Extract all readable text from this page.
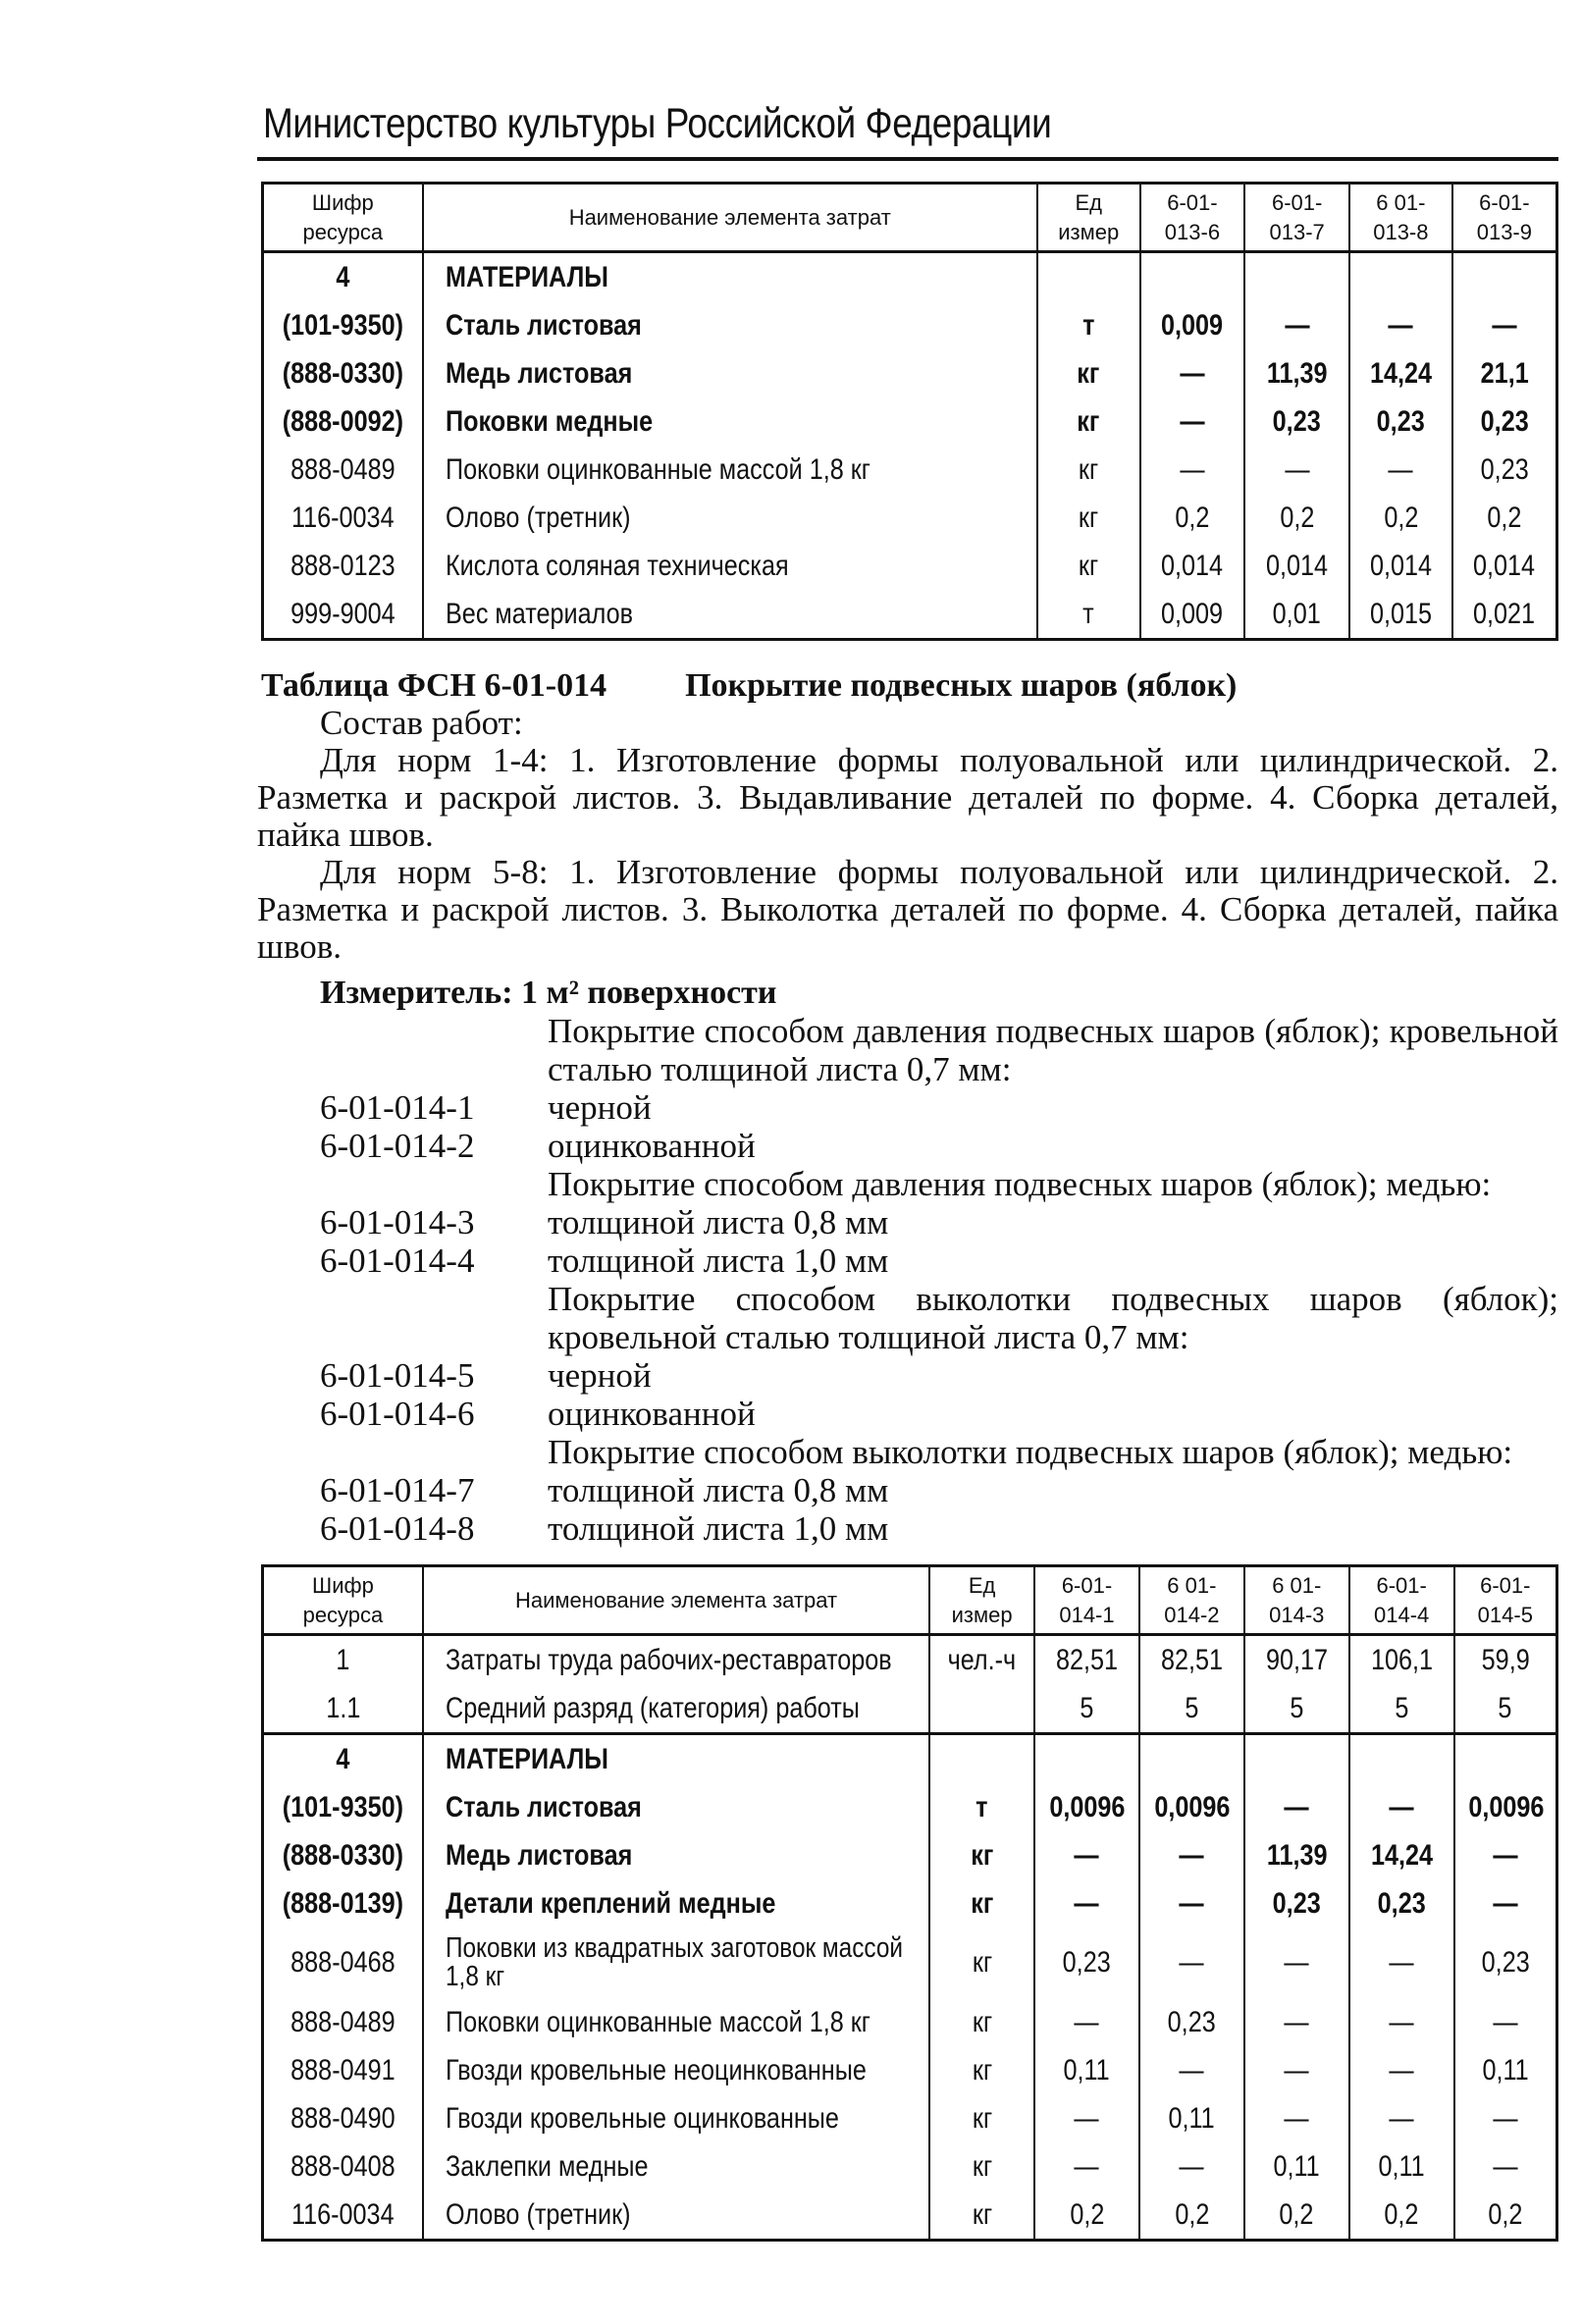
Министерство культуры Российской Федерации
Шифр ресурса	Наименование элемента затрат	Ед измер	6-01-013-6	6-01-013-7	6 01-013-8	6-01-013-9
4	МАТЕРИАЛЫ					
(101-9350)	Сталь листовая	т	0,009	—	—	—
(888-0330)	Медь листовая	кг	—	11,39	14,24	21,1
(888-0092)	Поковки медные	кг	—	0,23	0,23	0,23
888-0489	Поковки оцинкованные массой 1,8 кг	кг	—	—	—	0,23
116-0034	Олово (третник)	кг	0,2	0,2	0,2	0,2
888-0123	Кислота соляная техническая	кг	0,014	0,014	0,014	0,014
999-9004	Вес материалов	т	0,009	0,01	0,015	0,021
Таблица ФСН 6-01-014 Покрытие подвесных шаров (яблок)

Состав работ:

Для норм 1-4: 1. Изготовление формы полуовальной или цилиндрической. 2. Разметка и раскрой листов. 3. Выдавливание деталей по форме. 4. Сборка деталей, пайка швов.

Для норм 5-8: 1. Изготовление формы полуовальной или цилиндрической. 2. Разметка и раскрой листов. 3. Выколотка деталей по форме. 4. Сборка деталей, пайка швов.

Измеритель: 1 м² поверхности
Покрытие способом давления подвесных шаров (яблок); кровельной сталью толщиной листа 0,7 мм:
6-01-014-1 черной
6-01-014-2 оцинкованной
Покрытие способом давления подвесных шаров (яблок); медью:
6-01-014-3 толщиной листа 0,8 мм
6-01-014-4 толщиной листа 1,0 мм
Покрытие способом выколотки подвесных шаров (яблок); кровельной сталью толщиной листа 0,7 мм:
6-01-014-5 черной
6-01-014-6 оцинкованной
Покрытие способом выколотки подвесных шаров (яблок); медью:
6-01-014-7 толщиной листа 0,8 мм
6-01-014-8 толщиной листа 1,0 мм
Шифр ресурса	Наименование элемента затрат	Ед измер	6-01-014-1	6 01-014-2	6 01-014-3	6-01-014-4	6-01-014-5
1	Затраты труда рабочих-реставраторов	чел.-ч	82,51	82,51	90,17	106,1	59,9
1.1	Средний разряд (категория) работы		5	5	5	5	5
4	МАТЕРИАЛЫ						
(101-9350)	Сталь листовая	т	0,0096	0,0096	—	—	0,0096
(888-0330)	Медь листовая	кг	—	—	11,39	14,24	—
(888-0139)	Детали креплений медные	кг	—	—	0,23	0,23	—
888-0468	Поковки из квадратных заготовок массой 1,8 кг	кг	0,23	—	—	—	0,23
888-0489	Поковки оцинкованные массой 1,8 кг	кг	—	0,23	—	—	—
888-0491	Гвозди кровельные неоцинкованные	кг	0,11	—	—	—	0,11
888-0490	Гвозди кровельные оцинкованные	кг	—	0,11	—	—	—
888-0408	Заклепки медные	кг	—	—	0,11	0,11	—
116-0034	Олово (третник)	кг	0,2	0,2	0,2	0,2	0,2
